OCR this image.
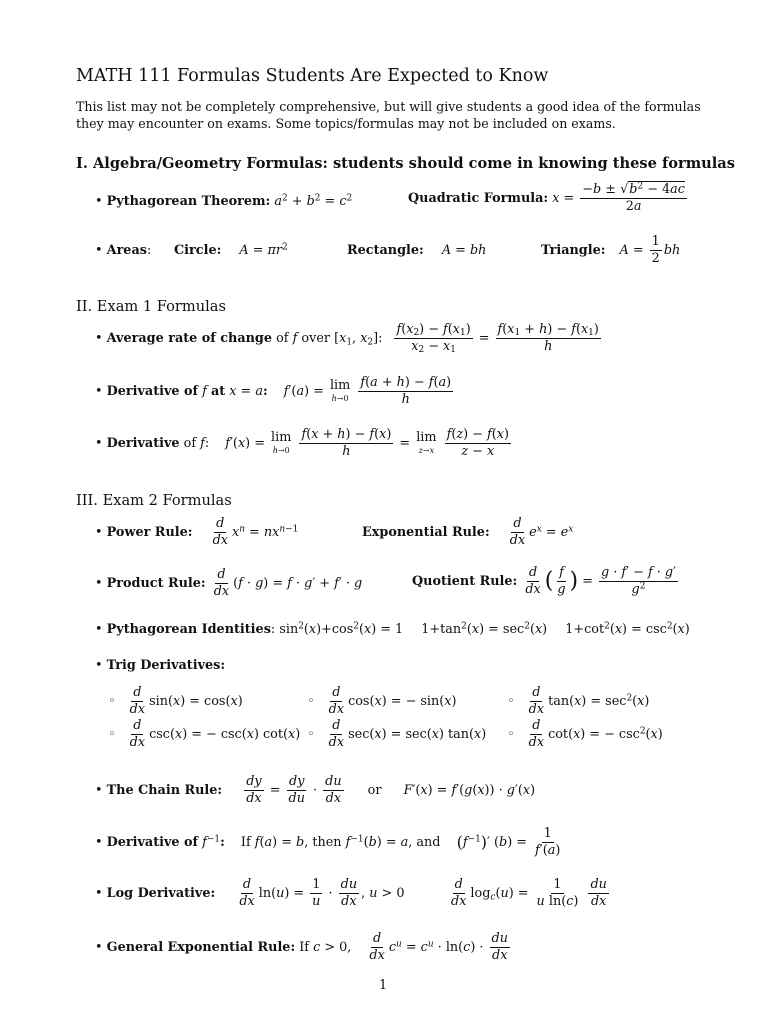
MATH 111 Formulas Students Are Expected to Know
This list may not be completely comprehensive, but will give students a good idea of the formulas
they may encounter on exams. Some topics/formulas may not be included on exams.
I. Algebra/Geometry Formulas: students should come in knowing these formulas
• Pythagorean Theorem: $a^2 + b^2 = c^2$	Quadratic Formula: $x = \frac{-b \pm √b^2 - 4ac}{2a}$
• Areas: Circle: $A = \pi r^2$	Rectangle: A = bh	Triangle: $A = \frac{1}{2}$ bh
II. Exam 1 Formulas
• Average rate of change of f over [$x_1$, $x_2$]: $\frac{f(x_2) - f(x_1)}{x_2 - x_1} = \frac{f(x_1 + h) - f(x_1)}{h}$
• Derivative of f at x = a: f′(a) = lim
h→0
$\frac{f(a + h) - f(a)}{h}$
• Derivative of f: f′(x) = lim
h→0
$\frac{f(x + h) - f(x)}{h} = \lim$
z→x
$\frac{f(z) - f(x)}{z - x}$
III. Exam 2 Formulas
• Power Rule: $\frac{d}{dx} x^n = nx^{n-1}$	Exponential Rule: $\frac{d}{dx} e^x = e^x$
• Product Rule: $\frac{d}{dx} (f \cdot g) = f \cdot g' + f' \cdot g$	Quotient Rule: $\frac{d}{dx}$ ( $\frac{f}{g}$ ) = $\frac{g \cdot f' - f \cdot g'}{g^2}$
• Pythagorean Identities: $\sin^2(x)+\cos^2(x) = 1$ $1+\tan^2(x) = \sec^2(x) 1+\cot^2(x) = \csc^2(x)$
• Trig Derivatives:
◦ $\frac{d}{dx} \sin(x) = \cos(x)$	◦ $\frac{d}{dx} \cos(x)$ = − sin(x)	◦ $\frac{d}{dx} \tan(x) = \sec^2(x)$
◦ $\frac{d}{dx} \csc(x)$ = − csc(x) cot(x) ◦ $\frac{d}{dx} \sec(x) = \sec(x)$ tan(x) ◦ $\frac{d}{dx} \cot(x)$ = − $\csc^2(x)$
• The Chain Rule: $\frac{dy}{dx} = \frac{dy}{du} \cdot \frac{du}{dx}$ or F′(x) = f′(g(x)) · g′(x)
• Derivative of $f^{-1}$: If f(a) = b, then $f^{-1}(b) = a$, and $(f^{-1})'$ $(b) = \frac{1}{f'(a)}$
• Log Derivative: $\frac{d}{dx} \ln(u) = \frac{1}{u} \cdot \frac{du}{dx}$ , u > 0	$\frac{d}{dx} \log_c(u) = \frac{1}{\text{u ln(c)}}$
$\frac{du}{dx}$
• General Exponential Rule: If c > 0, $\frac{d}{dx} c^u = c^u \cdot \ln(c) \cdot \frac{du}{dx}$
1
